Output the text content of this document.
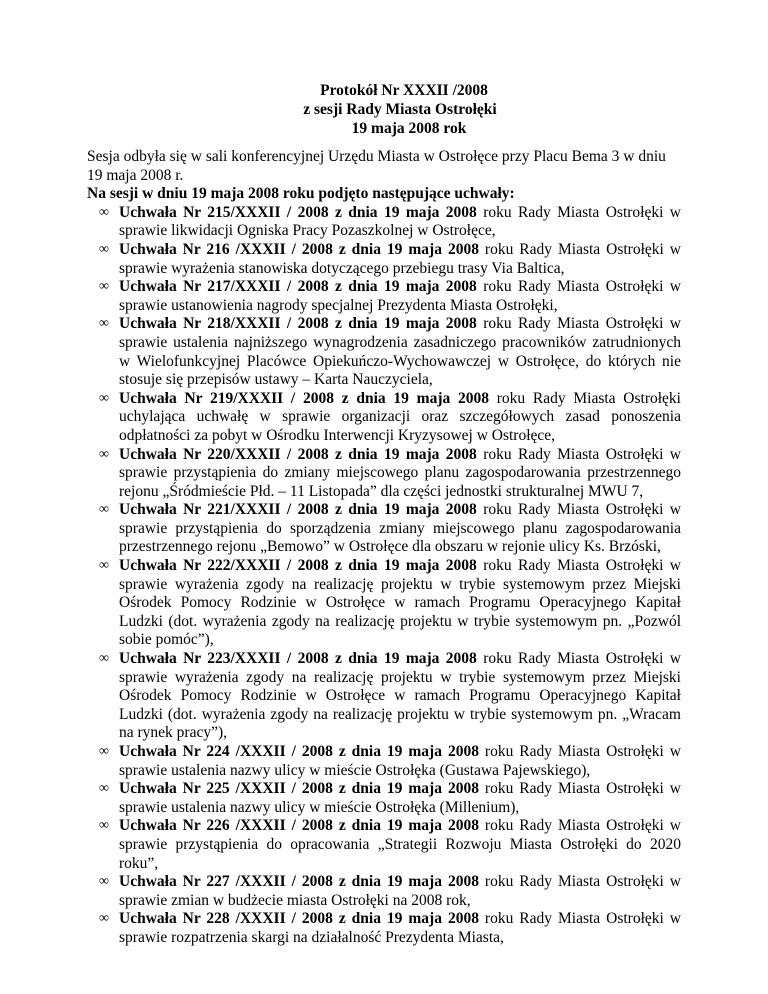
Protokół Nr XXXII /2008
z sesji Rady Miasta Ostrołęki
19 maja 2008 rok

Sesja odbyła się w sali konferencyjnej Urzędu Miasta w Ostrołęce przy Placu Bema 3 w dniu 19 maja 2008 r.

Na sesji w dniu 19 maja 2008 roku podjęto następujące uchwały:

∞ Uchwała Nr 215/XXXII / 2008 z dnia 19 maja 2008 roku Rady Miasta Ostrołęki w sprawie likwidacji Ogniska Pracy Pozaszkolnej w Ostrołęce,
∞ Uchwała Nr 216 /XXXII / 2008 z dnia 19 maja 2008 roku Rady Miasta Ostrołęki w sprawie wyrażenia stanowiska dotyczącego przebiegu trasy Via Baltica,
∞ Uchwała Nr 217/XXXII / 2008 z dnia 19 maja 2008 roku Rady Miasta Ostrołęki w sprawie ustanowienia nagrody specjalnej Prezydenta Miasta Ostrołęki,
∞ Uchwała Nr 218/XXXII / 2008 z dnia 19 maja 2008 roku Rady Miasta Ostrołęki w sprawie ustalenia najniższego wynagrodzenia zasadniczego pracowników zatrudnionych w Wielofunkcyjnej Placówce Opiekuńczo-Wychowawczej w Ostrołęce, do których nie stosuje się przepisów ustawy – Karta Nauczyciela,
∞ Uchwała Nr 219/XXXII / 2008 z dnia 19 maja 2008 roku Rady Miasta Ostrołęki uchylająca uchwałę w sprawie organizacji oraz szczegółowych zasad ponoszenia odpłatności za pobyt w Ośrodku Interwencji Kryzysowej w Ostrołęce,
∞ Uchwała Nr 220/XXXII / 2008 z dnia 19 maja 2008 roku Rady Miasta Ostrołęki w sprawie przystąpienia do zmiany miejscowego planu zagospodarowania przestrzennego rejonu „Śródmieście Płd. – 11 Listopada” dla części jednostki strukturalnej MWU 7,
∞ Uchwała Nr 221/XXXII / 2008 z dnia 19 maja 2008 roku Rady Miasta Ostrołęki w sprawie przystąpienia do sporządzenia zmiany miejscowego planu zagospodarowania przestrzennego rejonu „Bemowo” w Ostrołęce dla obszaru w rejonie ulicy Ks. Brzóski,
∞ Uchwała Nr 222/XXXII / 2008 z dnia 19 maja 2008 roku Rady Miasta Ostrołęki w sprawie wyrażenia zgody na realizację projektu w trybie systemowym przez Miejski Ośrodek Pomocy Rodzinie w Ostrołęce w ramach Programu Operacyjnego Kapitał Ludzki (dot. wyrażenia zgody na realizację projektu w trybie systemowym pn. „Pozwól sobie pomóc”),
∞ Uchwała Nr 223/XXXII / 2008 z dnia 19 maja 2008 roku Rady Miasta Ostrołęki w sprawie wyrażenia zgody na realizację projektu w trybie systemowym przez Miejski Ośrodek Pomocy Rodzinie w Ostrołęce w ramach Programu Operacyjnego Kapitał Ludzki (dot. wyrażenia zgody na realizację projektu w trybie systemowym pn. „Wracam na rynek pracy”),
∞ Uchwała Nr 224 /XXXII / 2008 z dnia 19 maja 2008 roku Rady Miasta Ostrołęki w sprawie ustalenia nazwy ulicy w mieście Ostrołęka (Gustawa Pajewskiego),
∞ Uchwała Nr 225 /XXXII / 2008 z dnia 19 maja 2008 roku Rady Miasta Ostrołęki w sprawie ustalenia nazwy ulicy w mieście Ostrołęka (Millenium),
∞ Uchwała Nr 226 /XXXII / 2008 z dnia 19 maja 2008 roku Rady Miasta Ostrołęki w sprawie przystąpienia do opracowania „Strategii Rozwoju Miasta Ostrołęki do 2020 roku”,
∞ Uchwała Nr 227 /XXXII / 2008 z dnia 19 maja 2008 roku Rady Miasta Ostrołęki w sprawie zmian w budżecie miasta Ostrołęki na 2008 rok,
∞ Uchwała Nr 228 /XXXII / 2008 z dnia 19 maja 2008 roku Rady Miasta Ostrołęki w sprawie rozpatrzenia skargi na działalność Prezydenta Miasta,
